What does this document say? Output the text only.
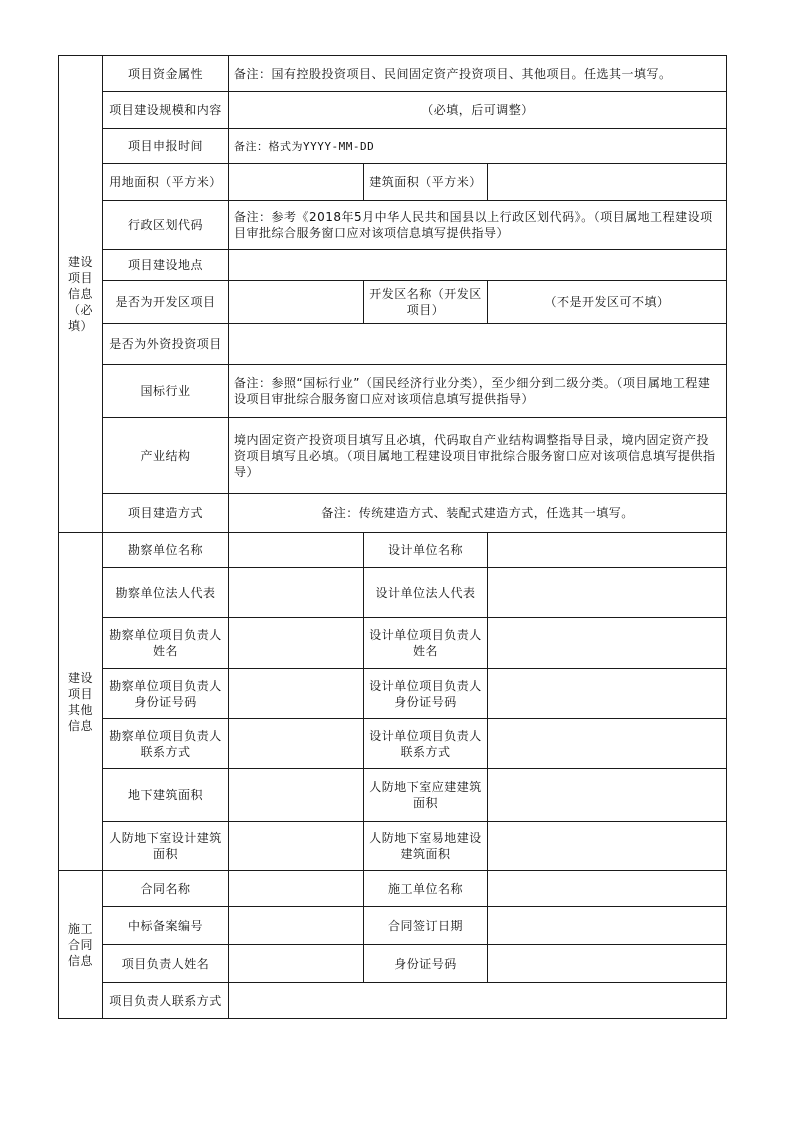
建设项目信息（必填）	项目资金属性	备注：国有控股投资项目、民间固定资产投资项目、其他项目。任选其一填写。		
	项目建设规模和内容	（必填，后可调整）		
	项目申报时间	备注：格式为YYYY-MM-DD		
	用地面积（平方米）		建筑面积（平方米）	
	行政区划代码	备注：参考《2018年5月中华人民共和国县以上行政区划代码》。（项目属地工程建设项目审批综合服务窗口应对该项信息填写提供指导）		
	项目建设地点			
	是否为开发区项目		开发区名称（开发区项目）	（不是开发区可不填）
	是否为外资投资项目			
	国标行业	备注：参照“国标行业”（国民经济行业分类），至少细分到二级分类。（项目属地工程建设项目审批综合服务窗口应对该项信息填写提供指导）		
	产业结构	境内固定资产投资项目填写且必填，代码取自产业结构调整指导目录，境内固定资产投资项目填写且必填。（项目属地工程建设项目审批综合服务窗口应对该项信息填写提供指导）		
	项目建造方式	备注：传统建造方式、装配式建造方式，任选其一填写。		
建设项目其他信息	勘察单位名称		设计单位名称	
	勘察单位法人代表		设计单位法人代表	
	勘察单位项目负责人姓名		设计单位项目负责人姓名	
	勘察单位项目负责人身份证号码		设计单位项目负责人身份证号码	
	勘察单位项目负责人联系方式		设计单位项目负责人联系方式	
	地下建筑面积		人防地下室应建建筑面积	
	人防地下室设计建筑面积		人防地下室易地建设建筑面积	
施工合同信息	合同名称		施工单位名称	
	中标备案编号		合同签订日期	
	项目负责人姓名		身份证号码	
	项目负责人联系方式			
